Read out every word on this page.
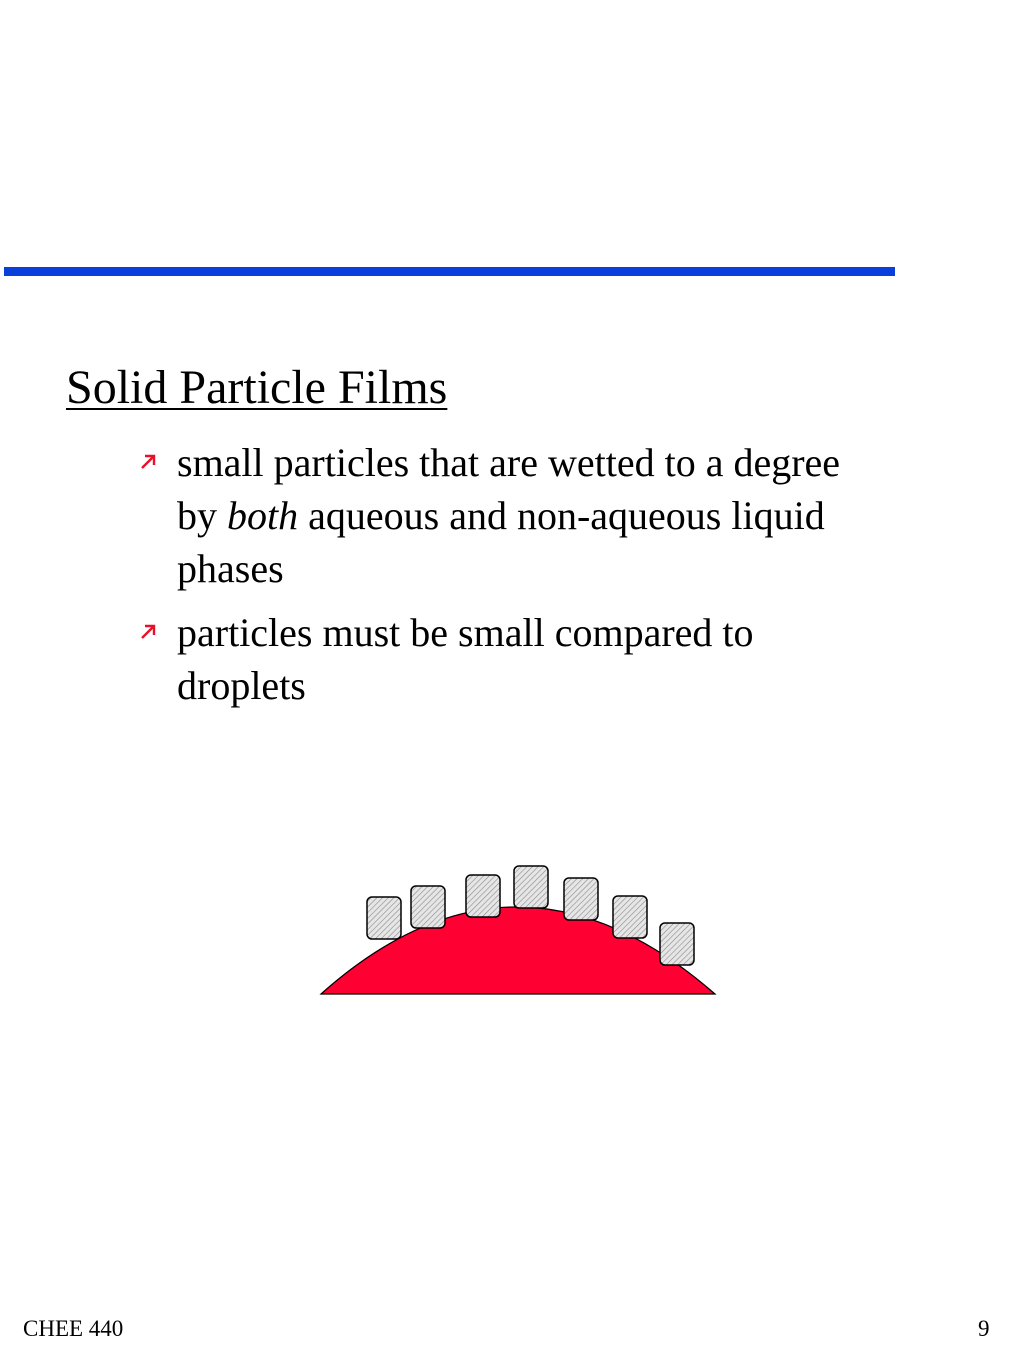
Solid Particle Films
small particles that are wetted to a degree by both aqueous and non-aqueous liquid phases
particles must be small compared to droplets
CHEE 440	9
